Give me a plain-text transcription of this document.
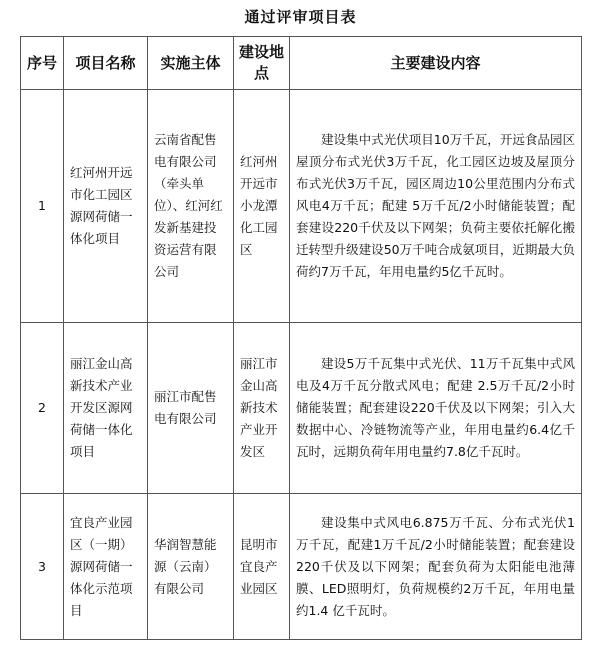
通过评审项目表
序号	项目名称	实施主体	建设地点	主要建设内容

1	红河州开远市化工园区源网荷储一体化项目	云南省配售电有限公司（牵头单位）、红河红发新基建投资运营有限公司	红河州开远市小龙潭化工园区	建设集中式光伏项目10万千瓦，开远食品园区屋顶分布式光伏3万千瓦，化工园区边坡及屋顶分布式光伏3万千瓦，园区周边10公里范围内分布式风电4万千瓦；配建 5万千瓦/2小时储能装置；配套建设220千伏及以下网架；负荷主要依托解化搬迁转型升级建设50万千吨合成氨项目，近期最大负荷约7万千瓦，年用电量约5亿千瓦时。

2	丽江金山高新技术产业开发区源网荷储一体化项目	丽江市配售电有限公司	丽江市金山高新技术产业开发区	建设5万千瓦集中式光伏、11万千瓦集中式风电及4万千瓦分散式风电；配建 2.5万千瓦/2小时储能装置；配套建设220千伏及以下网架；引入大数据中心、冷链物流等产业，年用电量约6.4亿千瓦时，远期负荷年用电量约7.8亿千瓦时。

3	宜良产业园区（一期）源网荷储一体化示范项目	华润智慧能源（云南）有限公司	昆明市宜良产业园区	建设集中式风电6.875万千瓦、分布式光伏1万千瓦，配建1万千瓦/2小时储能装置；配套建设220千伏及以下网架；配套负荷为太阳能电池薄膜、LED照明灯，负荷规模约2万千瓦，年用电量约1.4 亿千瓦时。
